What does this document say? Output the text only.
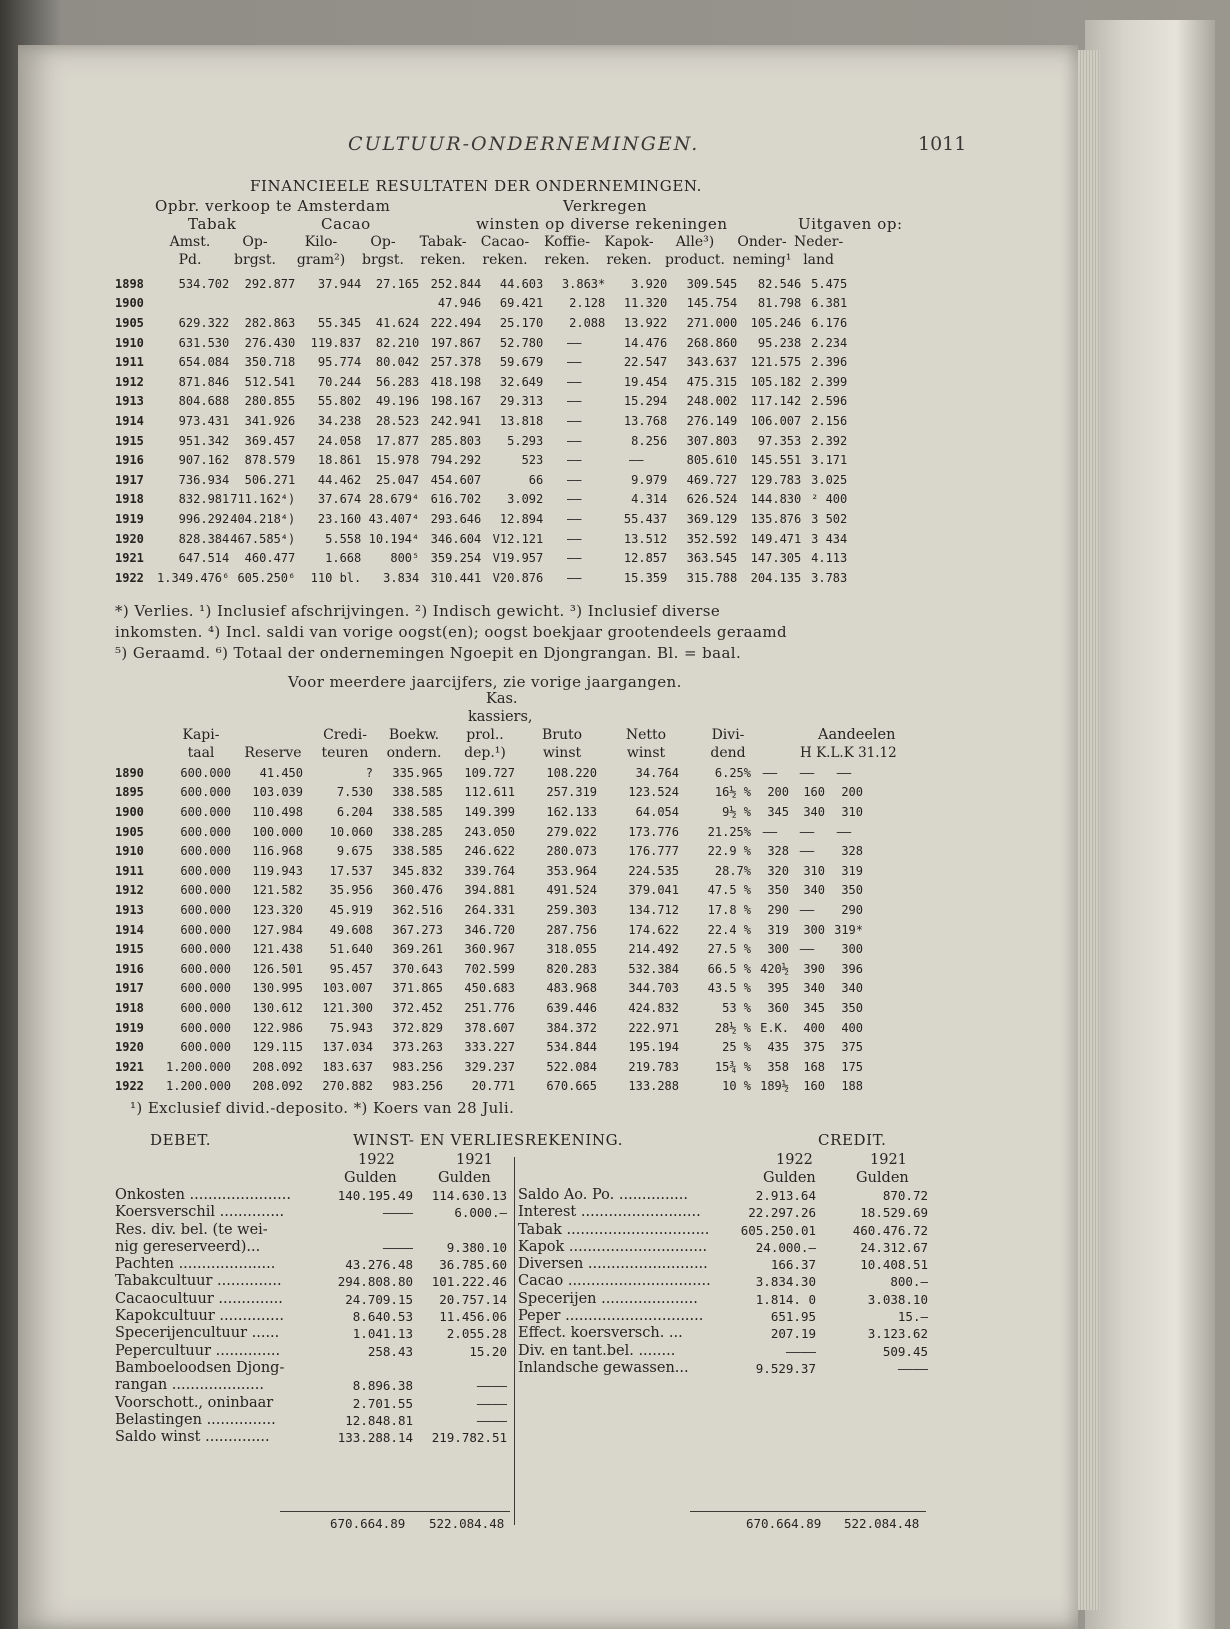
CULTUUR-ONDERNEMINGEN.	1011
FINANCIEELE RESULTATEN DER ONDERNEMINGEN.
Opbr. verkoop te Amsterdam	Verkregen
Tabak	Cacao	winsten op diverse rekeningen	Uitgaven op:
Amst.	Op-	Kilo-	Op-	Tabak-	Cacao-	Koffie-	Kapok-	Alle³)	Onder-	Neder-
Pd.	brgst.	gram²)	brgst.	reken.	reken.	reken.	reken.	product.	neming¹	land
1898	534.702	292.877	37.944	27.165	252.844	44.603	3.863*	3.920	309.545	82.546	5.475
1900					47.946	69.421	2.128	11.320	145.754	81.798	6.381
1905	629.322	282.863	55.345	41.624	222.494	25.170	2.088	13.922	271.000	105.246	6.176
1910	631.530	276.430	119.837	82.210	197.867	52.780	——	14.476	268.860	95.238	2.234
1911	654.084	350.718	95.774	80.042	257.378	59.679	——	22.547	343.637	121.575	2.396
1912	871.846	512.541	70.244	56.283	418.198	32.649	——	19.454	475.315	105.182	2.399
1913	804.688	280.855	55.802	49.196	198.167	29.313	——	15.294	248.002	117.142	2.596
1914	973.431	341.926	34.238	28.523	242.941	13.818	——	13.768	276.149	106.007	2.156
1915	951.342	369.457	24.058	17.877	285.803	5.293	——	8.256	307.803	97.353	2.392
1916	907.162	878.579	18.861	15.978	794.292	523	——	——	805.610	145.551	3.171
1917	736.934	506.271	44.462	25.047	454.607	66	——	9.979	469.727	129.783	3.025
1918	832.981	711.162⁴)	37.674	28.679⁴	616.702	3.092	——	4.314	626.524	144.830	² 400
1919	996.292	404.218⁴)	23.160	43.407⁴	293.646	12.894	——	55.437	369.129	135.876	3 502
1920	828.384	467.585⁴)	5.558	10.194⁴	346.604	V12.121	——	13.512	352.592	149.471	3 434
1921	647.514	460.477	1.668	800⁵	359.254	V19.957	——	12.857	363.545	147.305	4.113
1922	1.349.476⁶	605.250⁶	110 bl.	3.834	310.441	V20.876	——	15.359	315.788	204.135	3.783
*) Verlies. ¹) Inclusief afschrijvingen. ²) Indisch gewicht. ³) Inclusief diverse
inkomsten. ⁴) Incl. saldi van vorige oogst(en); oogst boekjaar grootendeels geraamd
⁵) Geraamd. ⁶) Totaal der ondernemingen Ngoepit en Djongrangan. Bl. = baal.
Voor meerdere jaarcijfers, zie vorige jaargangen.
Kas.
kassiers,
Kapi-		Credi-	Boekw.	prol..	Bruto	Netto	Divi-
taal	Reserve	teuren	ondern.	dep.¹)	winst	winst	dend
Aandeelen
H K.L.K 31.12
1890	600.000	41.450	?	335.965	109.727	108.220	34.764	6.25%	——	——	——
1895	600.000	103.039	7.530	338.585	112.611	257.319	123.524	16½ %	200	160	200
1900	600.000	110.498	6.204	338.585	149.399	162.133	64.054	9½ %	345	340	310
1905	600.000	100.000	10.060	338.285	243.050	279.022	173.776	21.25%	——	——	——
1910	600.000	116.968	9.675	338.585	246.622	280.073	176.777	22.9 %	328	——	328
1911	600.000	119.943	17.537	345.832	339.764	353.964	224.535	28.7%	320	310	319
1912	600.000	121.582	35.956	360.476	394.881	491.524	379.041	47.5 %	350	340	350
1913	600.000	123.320	45.919	362.516	264.331	259.303	134.712	17.8 %	290	——	290
1914	600.000	127.984	49.608	367.273	346.720	287.756	174.622	22.4 %	319	300	319*
1915	600.000	121.438	51.640	369.261	360.967	318.055	214.492	27.5 %	300	——	300
1916	600.000	126.501	95.457	370.643	702.599	820.283	532.384	66.5 %	420½	390	396
1917	600.000	130.995	103.007	371.865	450.683	483.968	344.703	43.5 %	395	340	340
1918	600.000	130.612	121.300	372.452	251.776	639.446	424.832	53 %	360	345	350
1919	600.000	122.986	75.943	372.829	378.607	384.372	222.971	28½ %	E.K.	400	400
1920	600.000	129.115	137.034	373.263	333.227	534.844	195.194	25 %	435	375	375
1921	1.200.000	208.092	183.637	983.256	329.237	522.084	219.783	15¾ %	358	168	175
1922	1.200.000	208.092	270.882	983.256	20.771	670.665	133.288	10 %	189½	160	188
¹) Exclusief divid.-deposito. *) Koers van 28 Juli.
DEBET.	WINST- EN VERLIESREKENING.	CREDIT.
1922	1921
Gulden	Gulden
1922	1921
Gulden	Gulden
Onkosten ......................	140.195.49 114.630.13
Koersverschil ..............	————	6.000.—
Res. div. bel. (te wei-
nig gereserveerd)...	————	9.380.10
Pachten .....................	43.276.48 36.785.60
Tabakcultuur ..............	294.808.80 101.222.46
Cacaocultuur ..............	24.709.15 20.757.14
Kapokcultuur ..............	8.640.53 11.456.06
Specerijencultuur ......	1.041.13	2.055.28
Pepercultuur ..............	258.43	15.20
Bamboeloodsen Djong-
rangan ....................	8.896.38	————
Voorschott., oninbaar	2.701.55	————
Belastingen ...............	12.848.81	————
Saldo winst ..............	133.288.14 219.782.51
Saldo Ao. Po. ...............	2.913.64	870.72
Interest ..........................	22.297.26	18.529.69
Tabak ...............................	605.250.01	460.476.72
Kapok ..............................	24.000.—	24.312.67
Diversen ..........................	166.37	10.408.51
Cacao ...............................	3.834.30	800.—
Specerijen .....................	1.814. 0	3.038.10
Peper ..............................	651.95	15.—
Effect. koersversch. ...	207.19	3.123.62
Div. en tant.bel. ........	————	509.45
Inlandsche gewassen...	9.529.37	————
670.664.89 522.084.48	670.664.89 522.084.48
